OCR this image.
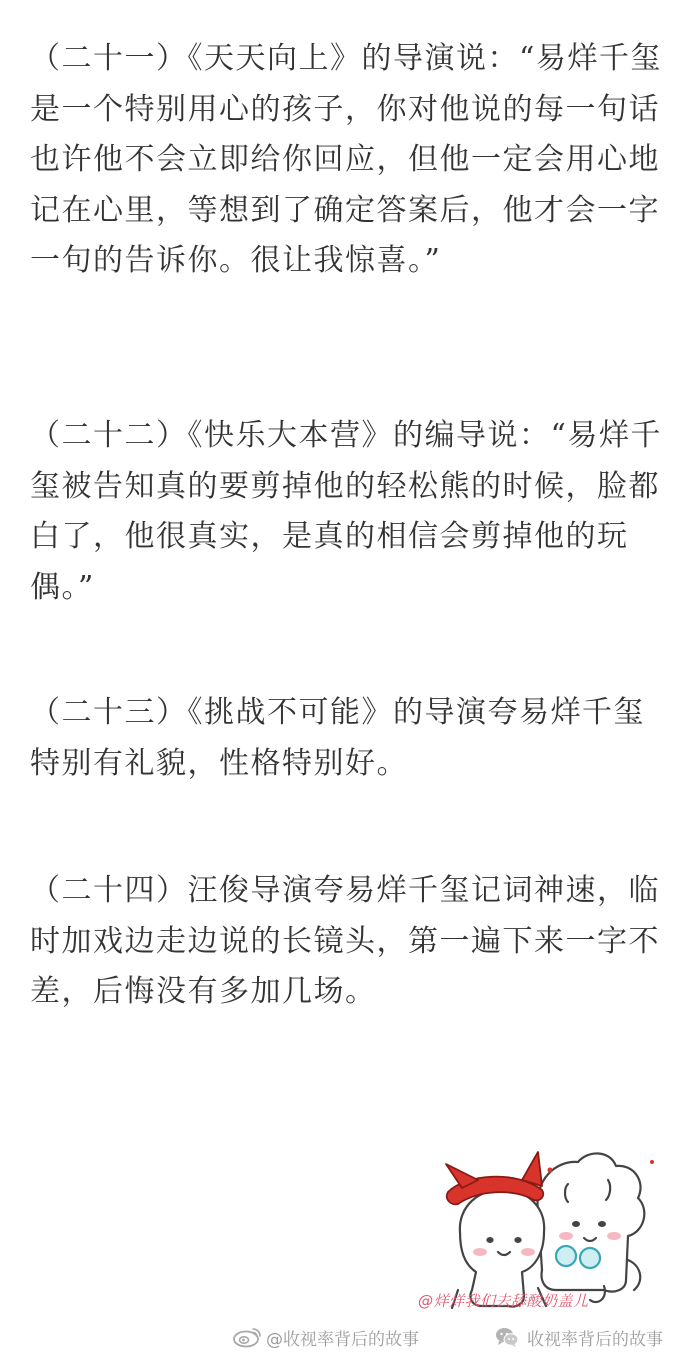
（二十一）《天天向上》的导演说：“易烊千玺是一个特别用心的孩子，你对他说的每一句话也许他不会立即给你回应，但他一定会用心地记在心里，等想到了确定答案后，他才会一字一句的告诉你。很让我惊喜。”

（二十二）《快乐大本营》的编导说：“易烊千玺被告知真的要剪掉他的轻松熊的时候，脸都白了，他很真实，是真的相信会剪掉他的玩偶。”

（二十三）《挑战不可能》的导演夸易烊千玺特别有礼貌，性格特别好。

（二十四）汪俊导演夸易烊千玺记词神速，临时加戏边走边说的长镜头，第一遍下来一字不差，后悔没有多加几场。

@烊烊我们去舔酸奶盖儿
@收视率背后的故事	收视率背后的故事
